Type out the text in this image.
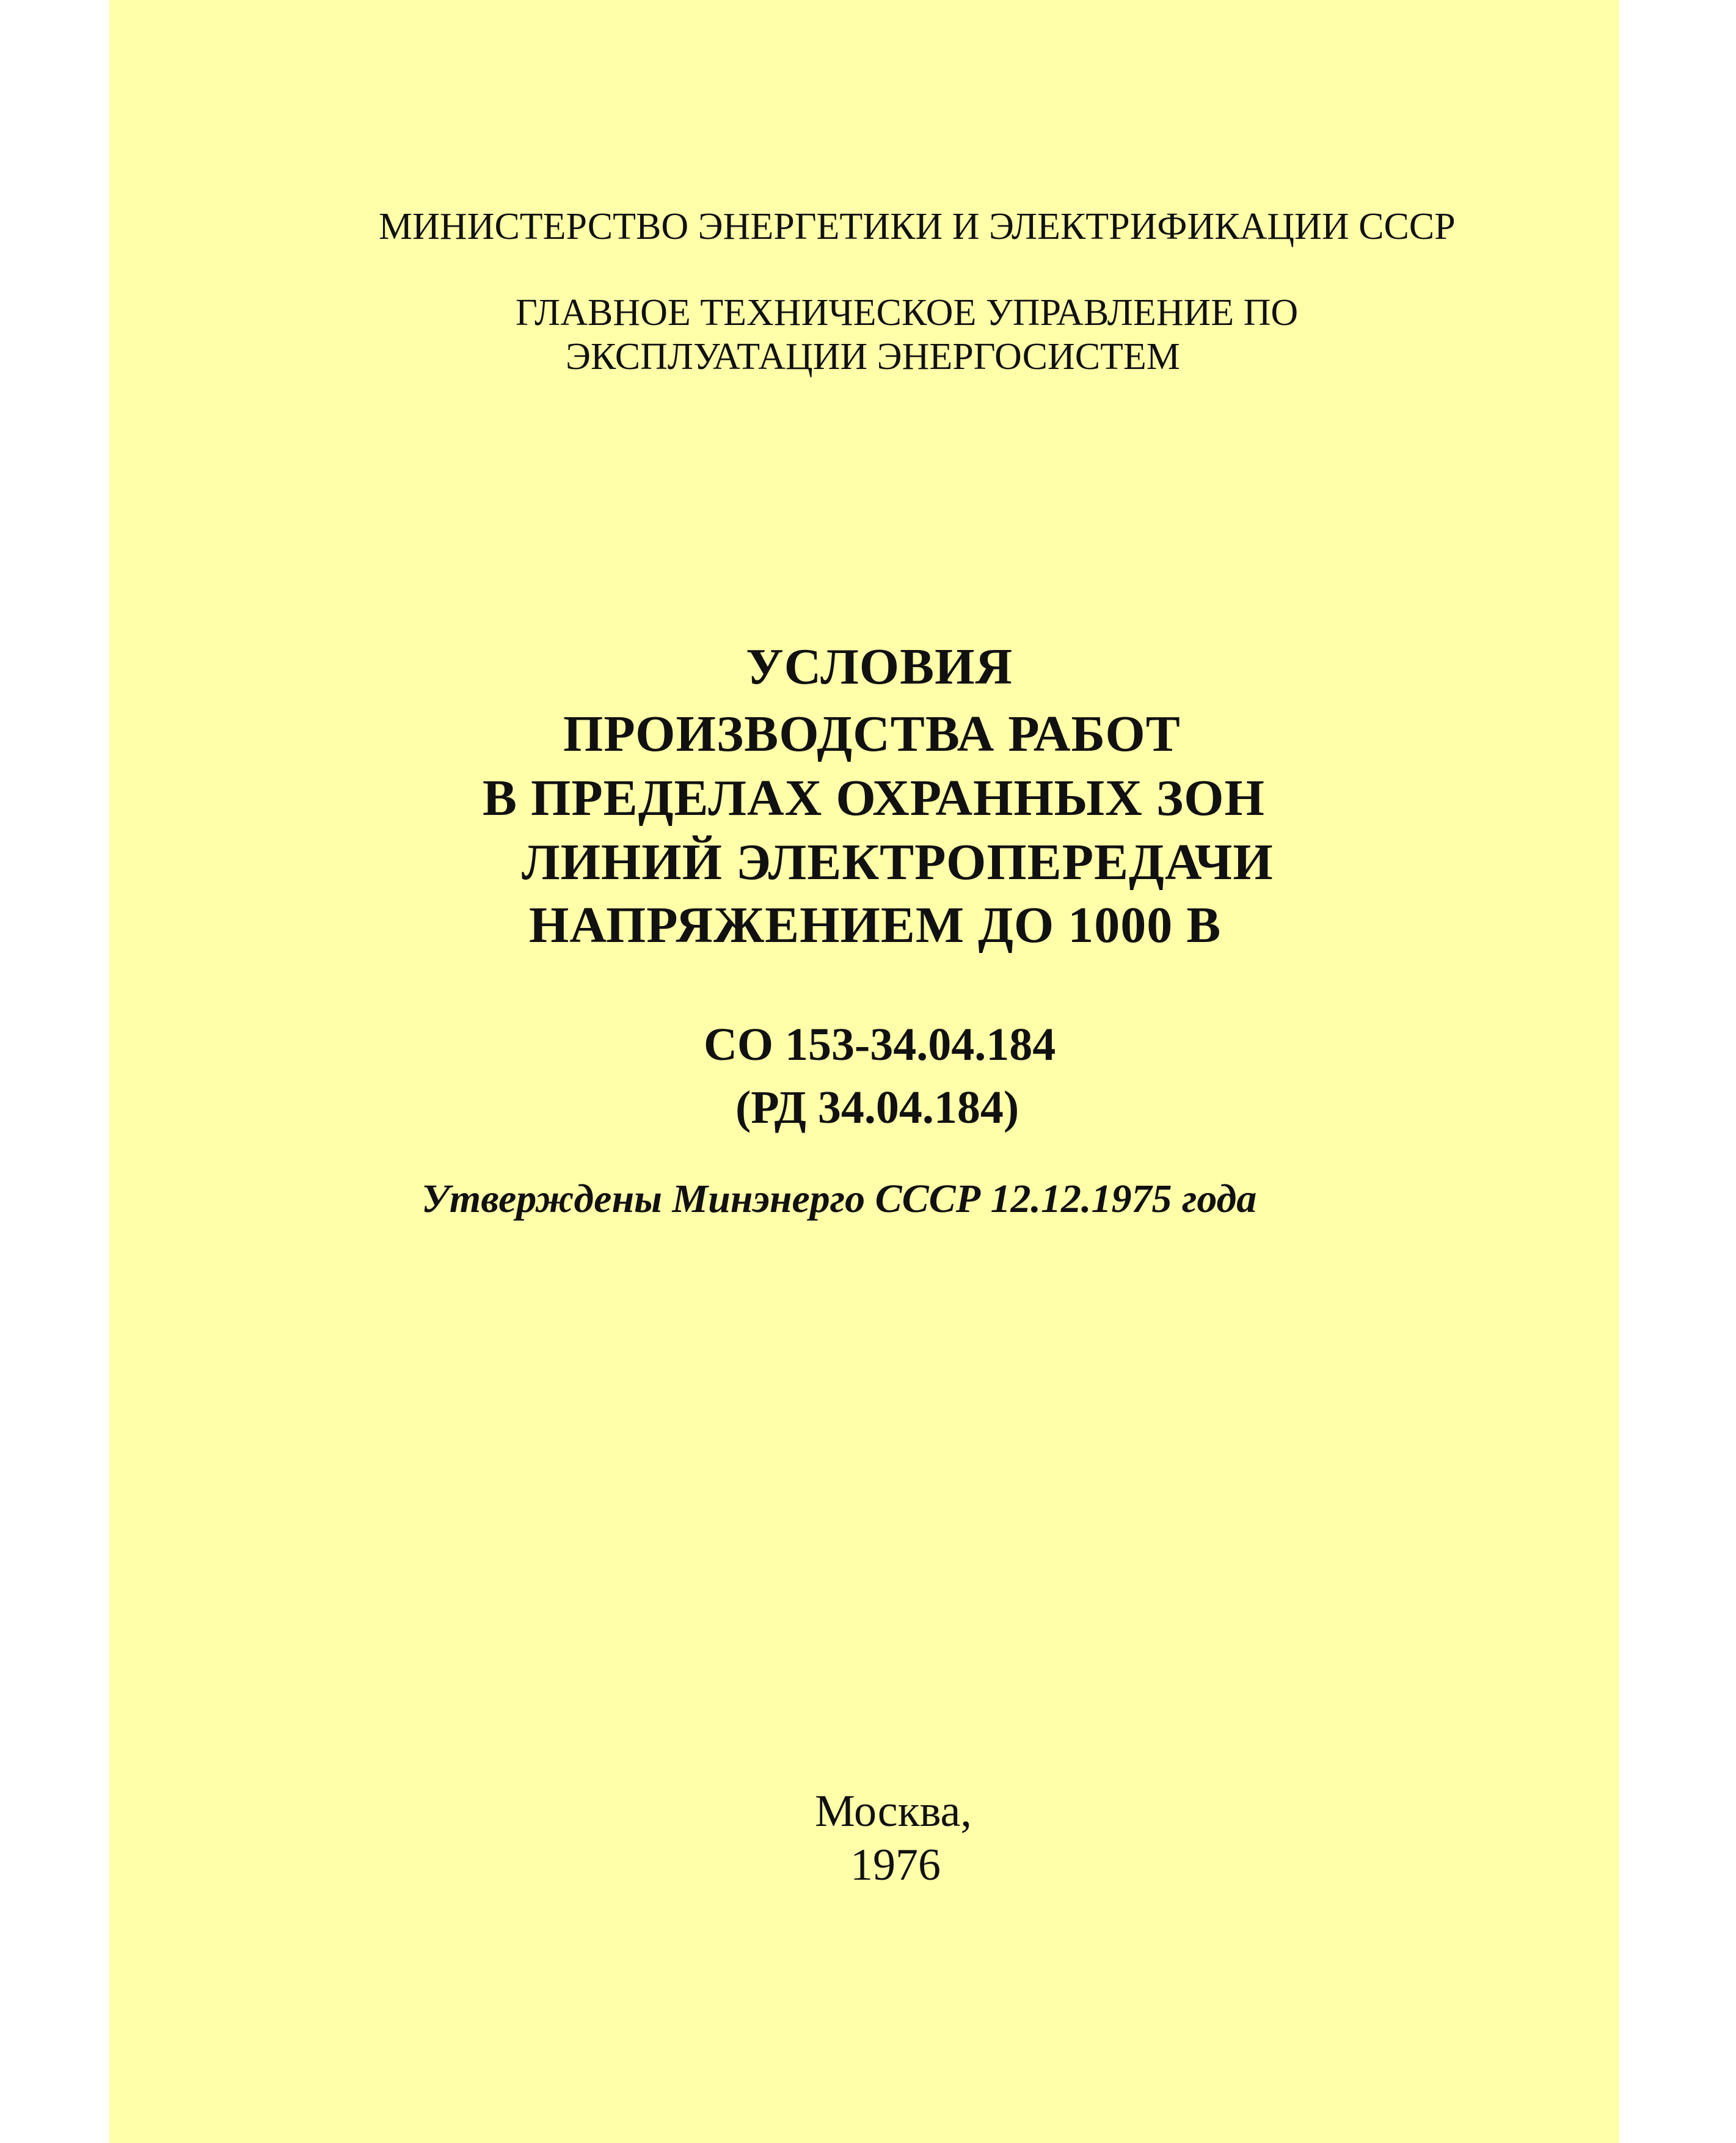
МИНИСТЕРСТВО ЭНЕРГЕТИКИ И ЭЛЕКТРИФИКАЦИИ СССР
ГЛАВНОЕ ТЕХНИЧЕСКОЕ УПРАВЛЕНИЕ ПО
ЭКСПЛУАТАЦИИ ЭНЕРГОСИСТЕМ
УСЛОВИЯ
ПРОИЗВОДСТВА РАБОТ
В ПРЕДЕЛАХ ОХРАННЫХ ЗОН
ЛИНИЙ ЭЛЕКТРОПЕРЕДАЧИ
НАПРЯЖЕНИЕМ ДО 1000 В
СО 153-34.04.184
(РД 34.04.184)
Утверждены Минэнерго СССР 12.12.1975 года
Москва,
1976
